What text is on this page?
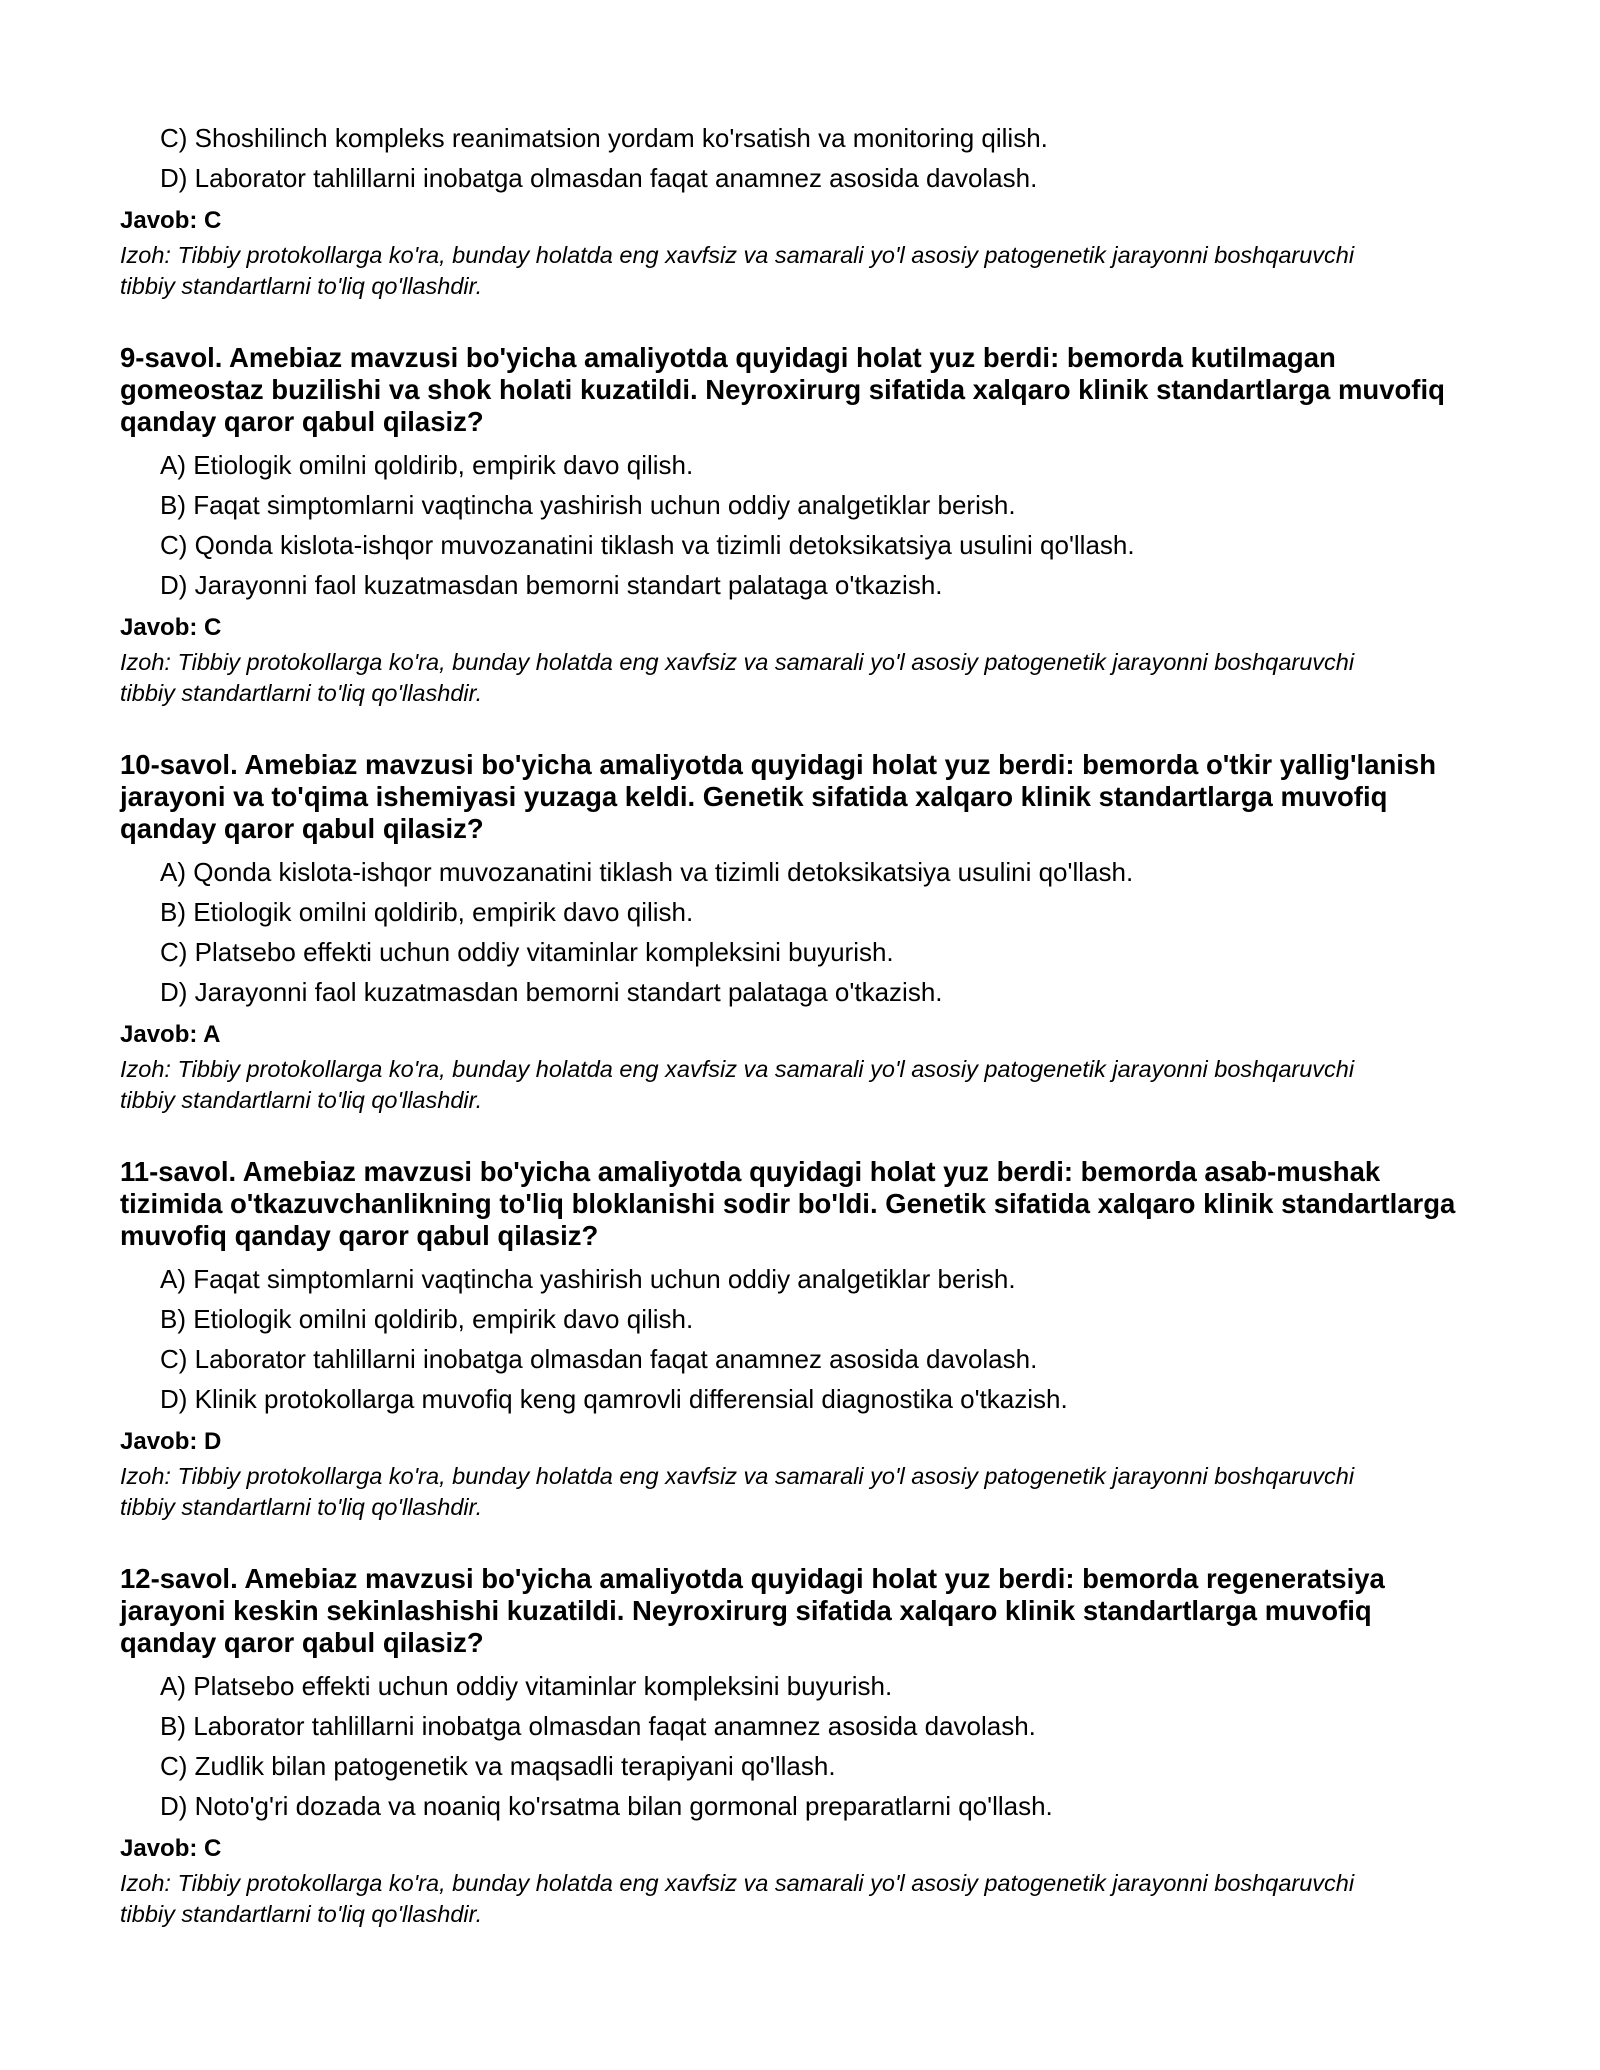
C) Shoshilinch kompleks reanimatsion yordam ko'rsatish va monitoring qilish.
D) Laborator tahlillarni inobatga olmasdan faqat anamnez asosida davolash.
Javob: C
Izoh: Tibbiy protokollarga ko'ra, bunday holatda eng xavfsiz va samarali yo'l asosiy patogenetik jarayonni boshqaruvchi tibbiy standartlarni to'liq qo'llashdir.
9-savol. Amebiaz mavzusi bo'yicha amaliyotda quyidagi holat yuz berdi: bemorda kutilmagan gomeostaz buzilishi va shok holati kuzatildi. Neyroxirurg sifatida xalqaro klinik standartlarga muvofiq qanday qaror qabul qilasiz?
A) Etiologik omilni qoldirib, empirik davo qilish.
B) Faqat simptomlarni vaqtincha yashirish uchun oddiy analgetiklar berish.
C) Qonda kislota-ishqor muvozanatini tiklash va tizimli detoksikatsiya usulini qo'llash.
D) Jarayonni faol kuzatmasdan bemorni standart palataga o'tkazish.
Javob: C
Izoh: Tibbiy protokollarga ko'ra, bunday holatda eng xavfsiz va samarali yo'l asosiy patogenetik jarayonni boshqaruvchi tibbiy standartlarni to'liq qo'llashdir.
10-savol. Amebiaz mavzusi bo'yicha amaliyotda quyidagi holat yuz berdi: bemorda o'tkir yallig'lanish jarayoni va to'qima ishemiyasi yuzaga keldi. Genetik sifatida xalqaro klinik standartlarga muvofiq qanday qaror qabul qilasiz?
A) Qonda kislota-ishqor muvozanatini tiklash va tizimli detoksikatsiya usulini qo'llash.
B) Etiologik omilni qoldirib, empirik davo qilish.
C) Platsebo effekti uchun oddiy vitaminlar kompleksini buyurish.
D) Jarayonni faol kuzatmasdan bemorni standart palataga o'tkazish.
Javob: A
Izoh: Tibbiy protokollarga ko'ra, bunday holatda eng xavfsiz va samarali yo'l asosiy patogenetik jarayonni boshqaruvchi tibbiy standartlarni to'liq qo'llashdir.
11-savol. Amebiaz mavzusi bo'yicha amaliyotda quyidagi holat yuz berdi: bemorda asab-mushak tizimida o'tkazuvchanlikning to'liq bloklanishi sodir bo'ldi. Genetik sifatida xalqaro klinik standartlarga muvofiq qanday qaror qabul qilasiz?
A) Faqat simptomlarni vaqtincha yashirish uchun oddiy analgetiklar berish.
B) Etiologik omilni qoldirib, empirik davo qilish.
C) Laborator tahlillarni inobatga olmasdan faqat anamnez asosida davolash.
D) Klinik protokollarga muvofiq keng qamrovli differensial diagnostika o'tkazish.
Javob: D
Izoh: Tibbiy protokollarga ko'ra, bunday holatda eng xavfsiz va samarali yo'l asosiy patogenetik jarayonni boshqaruvchi tibbiy standartlarni to'liq qo'llashdir.
12-savol. Amebiaz mavzusi bo'yicha amaliyotda quyidagi holat yuz berdi: bemorda regeneratsiya jarayoni keskin sekinlashishi kuzatildi. Neyroxirurg sifatida xalqaro klinik standartlarga muvofiq qanday qaror qabul qilasiz?
A) Platsebo effekti uchun oddiy vitaminlar kompleksini buyurish.
B) Laborator tahlillarni inobatga olmasdan faqat anamnez asosida davolash.
C) Zudlik bilan patogenetik va maqsadli terapiyani qo'llash.
D) Noto'g'ri dozada va noaniq ko'rsatma bilan gormonal preparatlarni qo'llash.
Javob: C
Izoh: Tibbiy protokollarga ko'ra, bunday holatda eng xavfsiz va samarali yo'l asosiy patogenetik jarayonni boshqaruvchi tibbiy standartlarni to'liq qo'llashdir.
